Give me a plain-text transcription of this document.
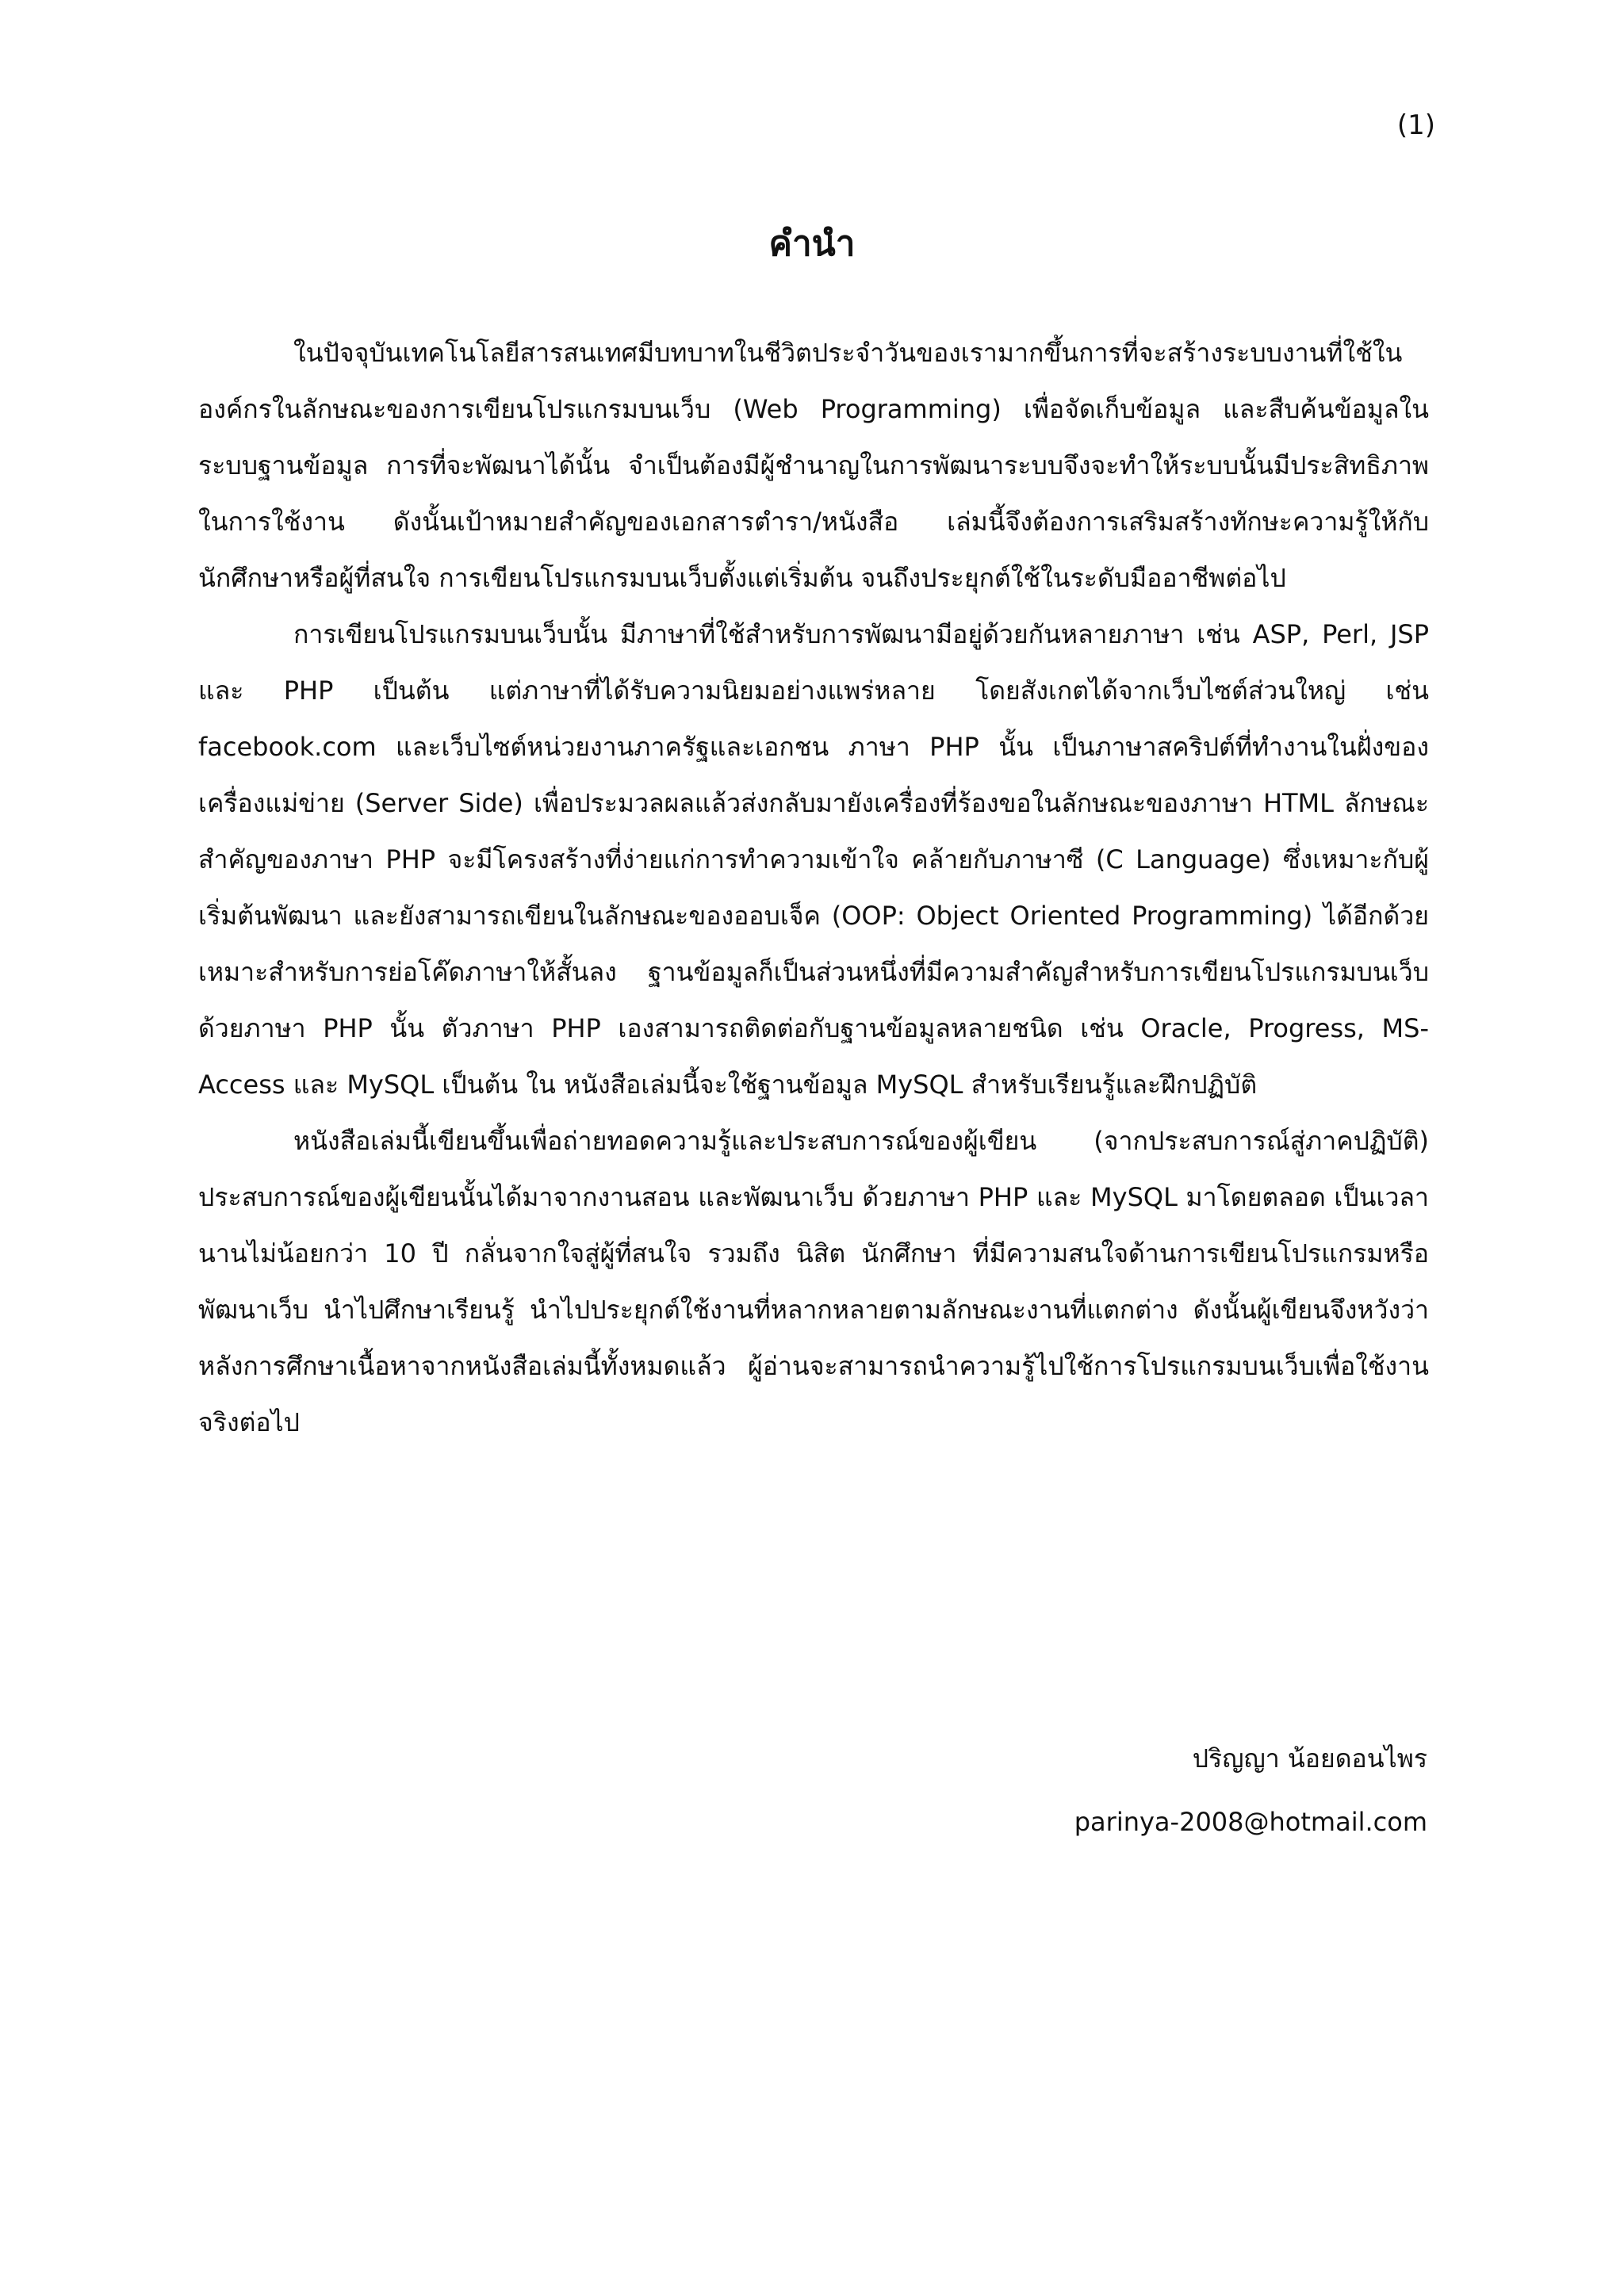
(1)
คำนำ

ในปัจจุบันเทคโนโลยีสารสนเทศมีบทบาทในชีวิตประจำวันของเรามากขึ้นการที่จะสร้างระบบงานที่ใช้ในองค์กรในลักษณะของการเขียนโปรแกรมบนเว็บ (Web Programming) เพื่อจัดเก็บข้อมูล และสืบค้นข้อมูลในระบบฐานข้อมูล การที่จะพัฒนาได้นั้น จำเป็นต้องมีผู้ชำนาญในการพัฒนาระบบจึงจะทำให้ระบบนั้นมีประสิทธิภาพในการใช้งาน ดังนั้นเป้าหมายสำคัญของเอกสารตำรา/หนังสือ เล่มนี้จึงต้องการเสริมสร้างทักษะความรู้ให้กับนักศึกษาหรือผู้ที่สนใจ การเขียนโปรแกรมบนเว็บตั้งแต่เริ่มต้น จนถึงประยุกต์ใช้ในระดับมืออาชีพต่อไป

การเขียนโปรแกรมบนเว็บนั้น มีภาษาที่ใช้สำหรับการพัฒนามีอยู่ด้วยกันหลายภาษา เช่น ASP, Perl, JSP และ PHP เป็นต้น แต่ภาษาที่ได้รับความนิยมอย่างแพร่หลาย โดยสังเกตได้จากเว็บไซต์ส่วนใหญ่ เช่น facebook.com และเว็บไซต์หน่วยงานภาครัฐและเอกชน ภาษา PHP นั้น เป็นภาษาสคริปต์ที่ทำงานในฝั่งของเครื่องแม่ข่าย (Server Side) เพื่อประมวลผลแล้วส่งกลับมายังเครื่องที่ร้องขอในลักษณะของภาษา HTML ลักษณะสำคัญของภาษา PHP จะมีโครงสร้างที่ง่ายแก่การทำความเข้าใจ คล้ายกับภาษาซี (C Language) ซึ่งเหมาะกับผู้เริ่มต้นพัฒนา และยังสามารถเขียนในลักษณะของออบเจ็ค (OOP: Object Oriented Programming) ได้อีกด้วย เหมาะสำหรับการย่อโค๊ดภาษาให้สั้นลง ฐานข้อมูลก็เป็นส่วนหนึ่งที่มีความสำคัญสำหรับการเขียนโปรแกรมบนเว็บด้วยภาษา PHP นั้น ตัวภาษา PHP เองสามารถติดต่อกับฐานข้อมูลหลายชนิด เช่น Oracle, Progress, MS-Access และ MySQL เป็นต้น ใน หนังสือเล่มนี้จะใช้ฐานข้อมูล MySQL สำหรับเรียนรู้และฝึกปฏิบัติ

หนังสือเล่มนี้เขียนขึ้นเพื่อถ่ายทอดความรู้และประสบการณ์ของผู้เขียน (จากประสบการณ์สู่ภาคปฏิบัติ) ประสบการณ์ของผู้เขียนนั้นได้มาจากงานสอน และพัฒนาเว็บ ด้วยภาษา PHP และ MySQL มาโดยตลอด เป็นเวลานานไม่น้อยกว่า 10 ปี กลั่นจากใจสู่ผู้ที่สนใจ รวมถึง นิสิต นักศึกษา ที่มีความสนใจด้านการเขียนโปรแกรมหรือพัฒนาเว็บ นำไปศึกษาเรียนรู้ นำไปประยุกต์ใช้งานที่หลากหลายตามลักษณะงานที่แตกต่าง ดังนั้นผู้เขียนจึงหวังว่า หลังการศึกษาเนื้อหาจากหนังสือเล่มนี้ทั้งหมดแล้ว ผู้อ่านจะสามารถนำความรู้ไปใช้การโปรแกรมบนเว็บเพื่อใช้งานจริงต่อไป

ปริญญา น้อยดอนไพร
parinya-2008@hotmail.com
